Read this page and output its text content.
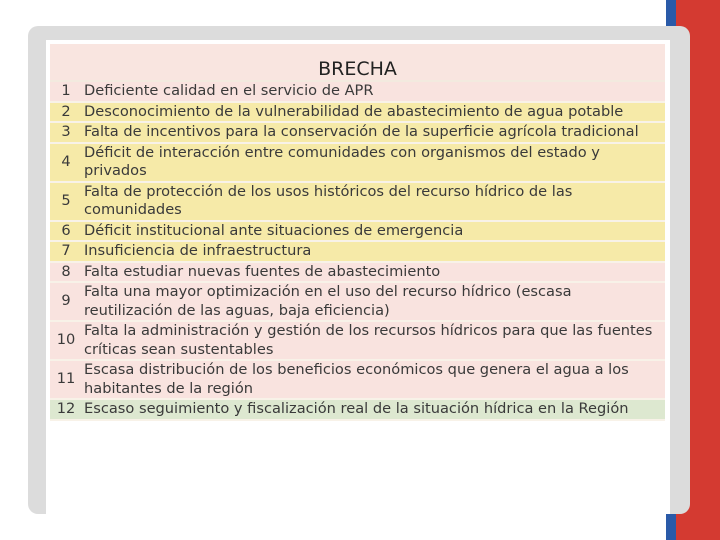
BRECHA	
1	Deficiente calidad en el servicio de APR
2	Desconocimiento de la vulnerabilidad de abastecimiento de agua potable
3	Falta de incentivos para la conservación de la superficie agrícola tradicional
4	Déficit de interacción entre comunidades con organismos del estado y privados
5	Falta de protección de los usos históricos del recurso hídrico de las comunidades
6	Déficit institucional ante situaciones de emergencia
7	Insuficiencia de infraestructura
8	Falta estudiar nuevas fuentes de abastecimiento
9	Falta una mayor optimización en el uso del recurso hídrico (escasa reutilización de las aguas, baja eficiencia)
10	Falta la administración y gestión de los recursos hídricos para que las fuentes críticas sean sustentables
11	Escasa distribución de los beneficios económicos que genera el agua a los habitantes de la región
12	Escaso seguimiento y fiscalización real de la situación hídrica en la Región
